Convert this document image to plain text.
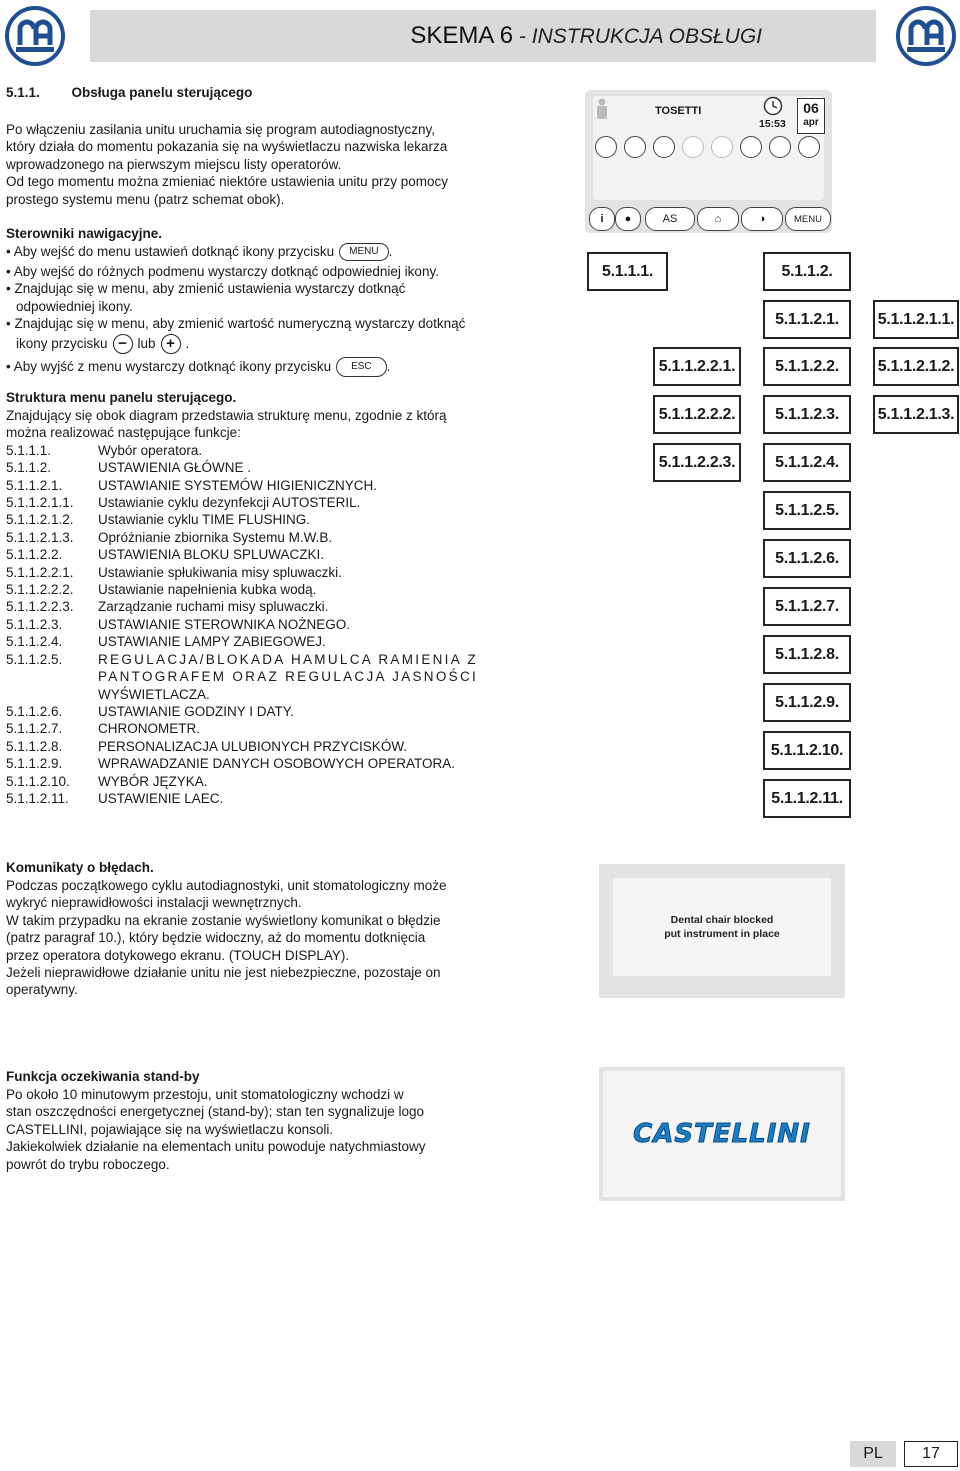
SKEMA 6 - INSTRUKCJA OBSŁUGI
5.1.1. Obsługa panelu sterującego

Po włączeniu zasilania unitu uruchamia się program autodiagnostyczny,

który działa do momentu pokazania się na wyświetlaczu nazwiska lekarza

wprowadzonego na pierwszym miejscu listy operatorów.

Od tego momentu można zmieniać niektóre ustawienia unitu przy pomocy

prostego systemu menu (patrz schemat obok).

Sterowniki nawigacyjne.
• Aby wejść do menu ustawień dotknąć ikony przycisku	MENU .
• Aby wejść do różnych podmenu wystarczy dotknąć odpowiedniej ikony.
• Znajdując się w menu, aby zmienić ustawienia wystarczy dotknąć
odpowiedniej ikony.
• Znajdując się w menu, aby zmienić wartość numeryczną wystarczy dotknąć
ikony przycisku − lub + .
• Aby wyjść z menu wystarczy dotknąć ikony przycisku	ESC	.
Struktura menu panelu sterującego.
Znajdujący się obok diagram przedstawia strukturę menu, zgodnie z którą
można realizować następujące funkcje:
5.1.1.1.	Wybór operatora.
5.1.1.2.	USTAWIENIA GŁÓWNE .
5.1.1.2.1.	USTAWIANIE SYSTEMÓW HIGIENICZNYCH.
5.1.1.2.1.1.	Ustawianie cyklu dezynfekcji AUTOSTERIL.
5.1.1.2.1.2.	Ustawianie cyklu TIME FLUSHING.
5.1.1.2.1.3.	Opróżnianie zbiornika Systemu M.W.B.
5.1.1.2.2.	USTAWIENIA BLOKU SPLUWACZKI.
5.1.1.2.2.1.	Ustawianie spłukiwania misy spluwaczki.
5.1.1.2.2.2.	Ustawianie napełnienia kubka wodą.
5.1.1.2.2.3.	Zarządzanie ruchami misy spluwaczki.
5.1.1.2.3.	USTAWIANIE STEROWNIKA NOŻNEGO.
5.1.1.2.4.	USTAWIANIE LAMPY ZABIEGOWEJ.
5.1.1.2.5.	REGULACJA/BLOKADA HAMULCA RAMIENIA Z
PANTOGRAFEM ORAZ REGULACJA JASNOŚCI
WYŚWIETLACZA.
5.1.1.2.6.	USTAWIANIE GODZINY I DATY.
5.1.1.2.7.	CHRONOMETR.
5.1.1.2.8.	PERSONALIZACJA ULUBIONYCH PRZYCISKÓW.
5.1.1.2.9.	WPRAWADZANIE DANYCH OSOBOWYCH OPERATORA.
5.1.1.2.10.	WYBÓR JĘZYKA.
5.1.1.2.11.	USTAWIENIE LAEC.
TOSETTI
15:53
06
apr
i	●	AS	⌂	◑	MENU
5.1.1.1.	5.1.1.2.
5.1.1.2.1.	5.1.1.2.1.1.
5.1.1.2.2.1.	5.1.1.2.2.	5.1.1.2.1.2.
5.1.1.2.2.2.	5.1.1.2.3.	5.1.1.2.1.3.
5.1.1.2.2.3.	5.1.1.2.4.
5.1.1.2.5.
5.1.1.2.6.
5.1.1.2.7.
5.1.1.2.8.
5.1.1.2.9.
5.1.1.2.10.
5.1.1.2.11.
Komunikaty o błędach.

Podczas początkowego cyklu autodiagnostyki, unit stomatologiczny może

wykryć nieprawidłowości instalacji wewnętrznych.

W takim przypadku na ekranie zostanie wyświetlony komunikat o błędzie

(patrz paragraf 10.), który będzie widoczny, aż do momentu dotknięcia

przez operatora dotykowego ekranu. (TOUCH DISPLAY).

Jeżeli nieprawidłowe działanie unitu nie jest niebezpieczne, pozostaje on

operatywny.

Dental chair blocked
put instrument in place
Funkcja oczekiwania stand-by

Po około 10 minutowym przestoju, unit stomatologiczny wchodzi w

stan oszczędności energetycznej (stand-by); stan ten sygnalizuje logo

CASTELLINI, pojawiające się na wyświetlaczu konsoli.

Jakiekolwiek działanie na elementach unitu powoduje natychmiastowy

powrót do trybu roboczego.

CASTELLINI
PL	17
